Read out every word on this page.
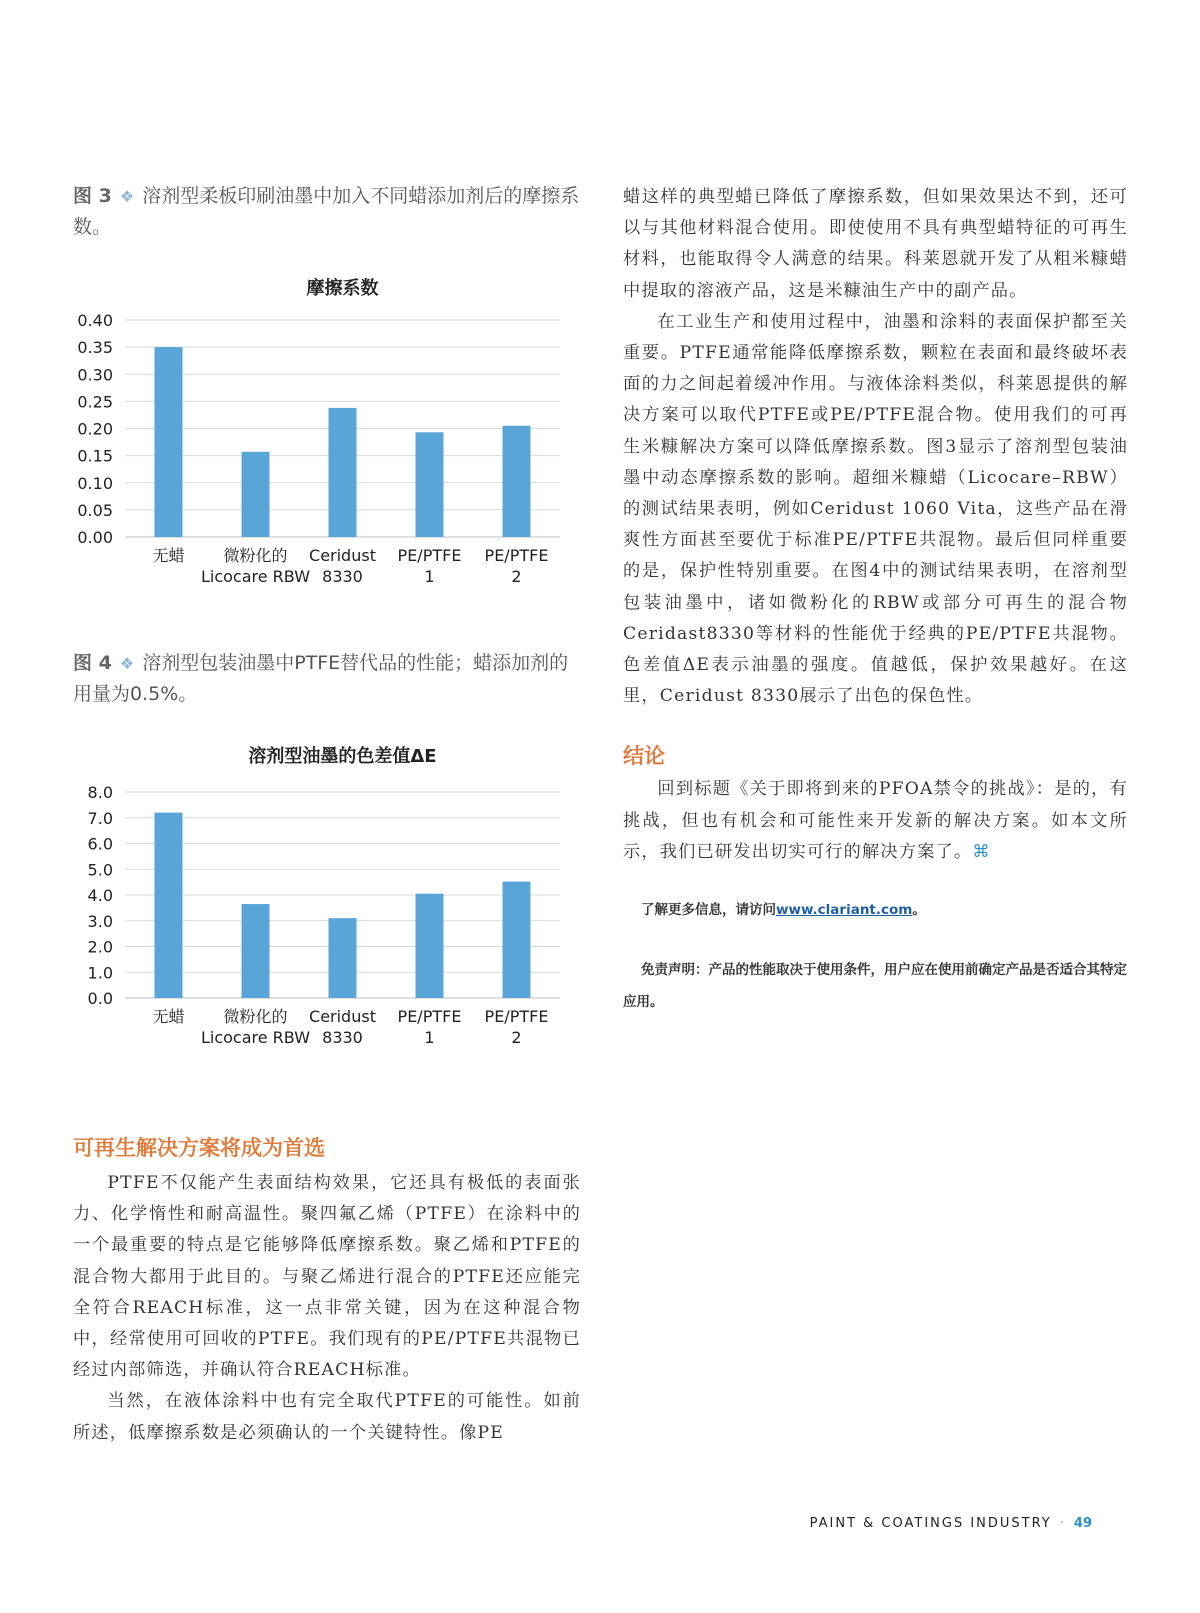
图 3 ❖ 溶剂型柔板印刷油墨中加入不同蜡添加剂后的摩擦系数。
摩擦系数
0.00
0.05
0.10
0.15
0.20
0.25
0.30
0.35
0.40
无蜡 微粉化的
Licocare RBW
Ceridust
8330
PE/PTFE
1
PE/PTFE
2
图 4 ❖ 溶剂型包装油墨中PTFE替代品的性能；蜡添加剂的用量为0.5%。
溶剂型油墨的色差值ΔE
0.0
1.0
2.0
3.0
4.0
5.0
6.0
7.0
8.0
无蜡 微粉化的
Licocare RBW
Ceridust
8330
PE/PTFE
1
PE/PTFE
2
可再生解决方案将成为首选

PTFE不仅能产生表面结构效果，它还具有极低的表面张力、化学惰性和耐高温性。聚四氟乙烯（PTFE）在涂料中的一个最重要的特点是它能够降低摩擦系数。聚乙烯和PTFE的混合物大都用于此目的。与聚乙烯进行混合的PTFE还应能完全符合REACH标准，这一点非常关键，因为在这种混合物中，经常使用可回收的PTFE。我们现有的PE/PTFE共混物已经过内部筛选，并确认符合REACH标准。

当然，在液体涂料中也有完全取代PTFE的可能性。如前所述，低摩擦系数是必须确认的一个关键特性。像PE

蜡这样的典型蜡已降低了摩擦系数，但如果效果达不到，还可以与其他材料混合使用。即使使用不具有典型蜡特征的可再生材料，也能取得令人满意的结果。科莱恩就开发了从粗米糠蜡中提取的溶液产品，这是米糠油生产中的副产品。

在工业生产和使用过程中，油墨和涂料的表面保护都至关重要。PTFE通常能降低摩擦系数，颗粒在表面和最终破坏表面的力之间起着缓冲作用。与液体涂料类似，科莱恩提供的解决方案可以取代PTFE或PE/PTFE混合物。使用我们的可再生米糠解决方案可以降低摩擦系数。图3显示了溶剂型包装油墨中动态摩擦系数的影响。超细米糠蜡（Licocare–RBW）的测试结果表明，例如Ceridust 1060 Vita，这些产品在滑爽性方面甚至要优于标准PE/PTFE共混物。最后但同样重要的是，保护性特别重要。在图4中的测试结果表明，在溶剂型包装油墨中，诸如微粉化的RBW或部分可再生的混合物Ceridast8330等材料的性能优于经典的PE/PTFE共混物。色差值ΔE表示油墨的强度。值越低，保护效果越好。在这里，Ceridust 8330展示了出色的保色性。

结论

回到标题《关于即将到来的PFOA禁令的挑战》：是的，有挑战，但也有机会和可能性来开发新的解决方案。如本文所示，我们已研发出切实可行的解决方案了。⌘

了解更多信息，请访问www.clariant.com。
免责声明：产品的性能取决于使用条件，用户应在使用前确定产品是否适合其特定应用。
PAINT & COATINGS INDUSTRY · 49
